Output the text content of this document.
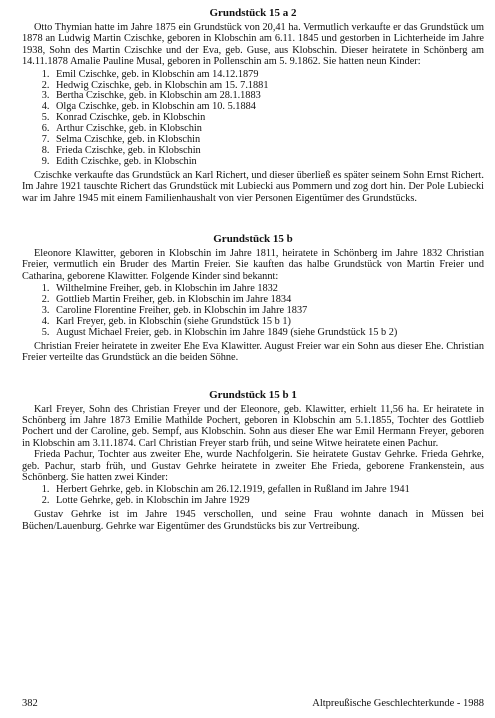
Grundstück 15 a 2

Otto Thymian hatte im Jahre 1875 ein Grundstück von 20,41 ha. Vermutlich verkaufte er das Grundstück um 1878 an Ludwig Martin Czischke, geboren in Klobschin am 6.11. 1845 und gestorben in Lichterheide im Jahre 1938, Sohn des Martin Czischke und der Eva, geb. Guse, aus Klobschin. Dieser heiratete in Schönberg am 14.11.1878 Amalie Pauline Musal, geboren in Pollenschin am 5. 9.1862. Sie hatten neun Kinder:

1. Emil Czischke, geb. in Klobschin am 14.12.1879
2. Hedwig Czischke, geb. in Klobschin am 15. 7.1881
3. Bertha Czischke, geb. in Klobschin am 28.1.1883
4. Olga Czischke, geb. in Klobschin am 10. 5.1884
5. Konrad Czischke, geb. in Klobschin
6. Arthur Czischke, geb. in Klobschin
7. Selma Czischke, geb. in Klobschin
8. Frieda Czischke, geb. in Klobschin
9. Edith Czischke, geb. in Klobschin

Czischke verkaufte das Grundstück an Karl Richert, und dieser überließ es später seinem Sohn Ernst Richert. Im Jahre 1921 tauschte Richert das Grundstück mit Lubiecki aus Pommern und zog dort hin. Der Pole Lubiecki war im Jahre 1945 mit einem Familienhaushalt von vier Personen Eigentümer des Grundstücks.

Grundstück 15 b

Eleonore Klawitter, geboren in Klobschin im Jahre 1811, heiratete in Schönberg im Jahre 1832 Christian Freier, vermutlich ein Bruder des Martin Freier. Sie kauften das halbe Grundstück von Martin Freier und Catharina, geborene Klawitter. Folgende Kinder sind bekannt:

1. Wilthelmine Freiher, geb. in Klobschin im Jahre 1832
2. Gottlieb Martin Freiher, geb. in Klobschin im Jahre 1834
3. Caroline Florentine Freiher, geb. in Klobschin im Jahre 1837
4. Karl Freyer, geb. in Klobschin (siehe Grundstück 15 b 1)
5. August Michael Freier, geb. in Klobschin im Jahre 1849 (siehe Grundstück 15 b 2)

Christian Freier heiratete in zweiter Ehe Eva Klawitter. August Freier war ein Sohn aus dieser Ehe. Christian Freier verteilte das Grundstück an die beiden Söhne.

Grundstück 15 b 1

Karl Freyer, Sohn des Christian Freyer und der Eleonore, geb. Klawitter, erhielt 11,56 ha. Er heiratete in Schönberg im Jahre 1873 Emilie Mathilde Pochert, geboren in Klobschin am 5.1.1855, Tochter des Gottlieb Pochert und der Caroline, geb. Sempf, aus Klobschin. Sohn aus dieser Ehe war Emil Hermann Freyer, geboren in Klobschin am 3.11.1874. Carl Christian Freyer starb früh, und seine Witwe heiratete einen Pachur.

Frieda Pachur, Tochter aus zweiter Ehe, wurde Nachfolgerin. Sie heiratete Gustav Gehrke. Frieda Gehrke, geb. Pachur, starb früh, und Gustav Gehrke heiratete in zweiter Ehe Frieda, geborene Frankenstein, aus Schönberg. Sie hatten zwei Kinder:

1. Herbert Gehrke, geb. in Klobschin am 26.12.1919, gefallen in Rußland im Jahre 1941
2. Lotte Gehrke, geb. in Klobschin im Jahre 1929

Gustav Gehrke ist im Jahre 1945 verschollen, und seine Frau wohnte danach in Müssen bei Büchen/Lauenburg. Gehrke war Eigentümer des Grundstücks bis zur Vertreibung.

382	Altpreußische Geschlechterkunde - 1988
